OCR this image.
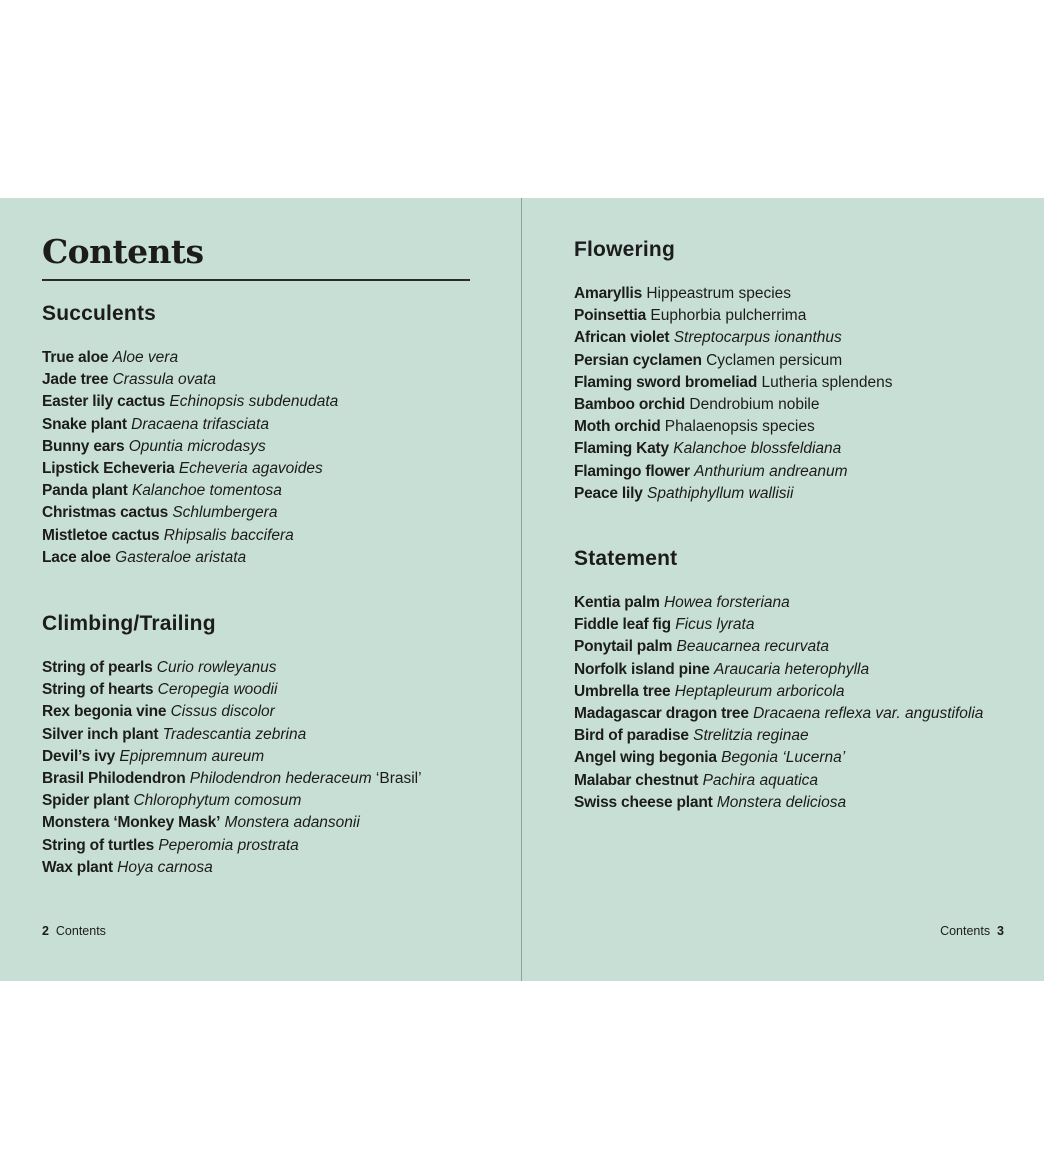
Contents
Succulents
True aloe Aloe vera
Jade tree Crassula ovata
Easter lily cactus Echinopsis subdenudata
Snake plant Dracaena trifasciata
Bunny ears Opuntia microdasys
Lipstick Echeveria Echeveria agavoides
Panda plant Kalanchoe tomentosa
Christmas cactus Schlumbergera
Mistletoe cactus Rhipsalis baccifera
Lace aloe Gasteraloe aristata
Climbing/Trailing
String of pearls Curio rowleyanus
String of hearts Ceropegia woodii
Rex begonia vine Cissus discolor
Silver inch plant Tradescantia zebrina
Devil’s ivy Epipremnum aureum
Brasil Philodendron Philodendron hederaceum ‘Brasil’
Spider plant Chlorophytum comosum
Monstera ‘Monkey Mask’ Monstera adansonii
String of turtles Peperomia prostrata
Wax plant Hoya carnosa
2 Contents
Flowering
Amaryllis Hippeastrum species
Poinsettia Euphorbia pulcherrima
African violet Streptocarpus ionanthus
Persian cyclamen Cyclamen persicum
Flaming sword bromeliad Lutheria splendens
Bamboo orchid Dendrobium nobile
Moth orchid Phalaenopsis species
Flaming Katy Kalanchoe blossfeldiana
Flamingo flower Anthurium andreanum
Peace lily Spathiphyllum wallisii
Statement
Kentia palm Howea forsteriana
Fiddle leaf fig Ficus lyrata
Ponytail palm Beaucarnea recurvata
Norfolk island pine Araucaria heterophylla
Umbrella tree Heptapleurum arboricola
Madagascar dragon tree Dracaena reflexa var. angustifolia
Bird of paradise Strelitzia reginae
Angel wing begonia Begonia ‘Lucerna’
Malabar chestnut Pachira aquatica
Swiss cheese plant Monstera deliciosa
Contents 3
